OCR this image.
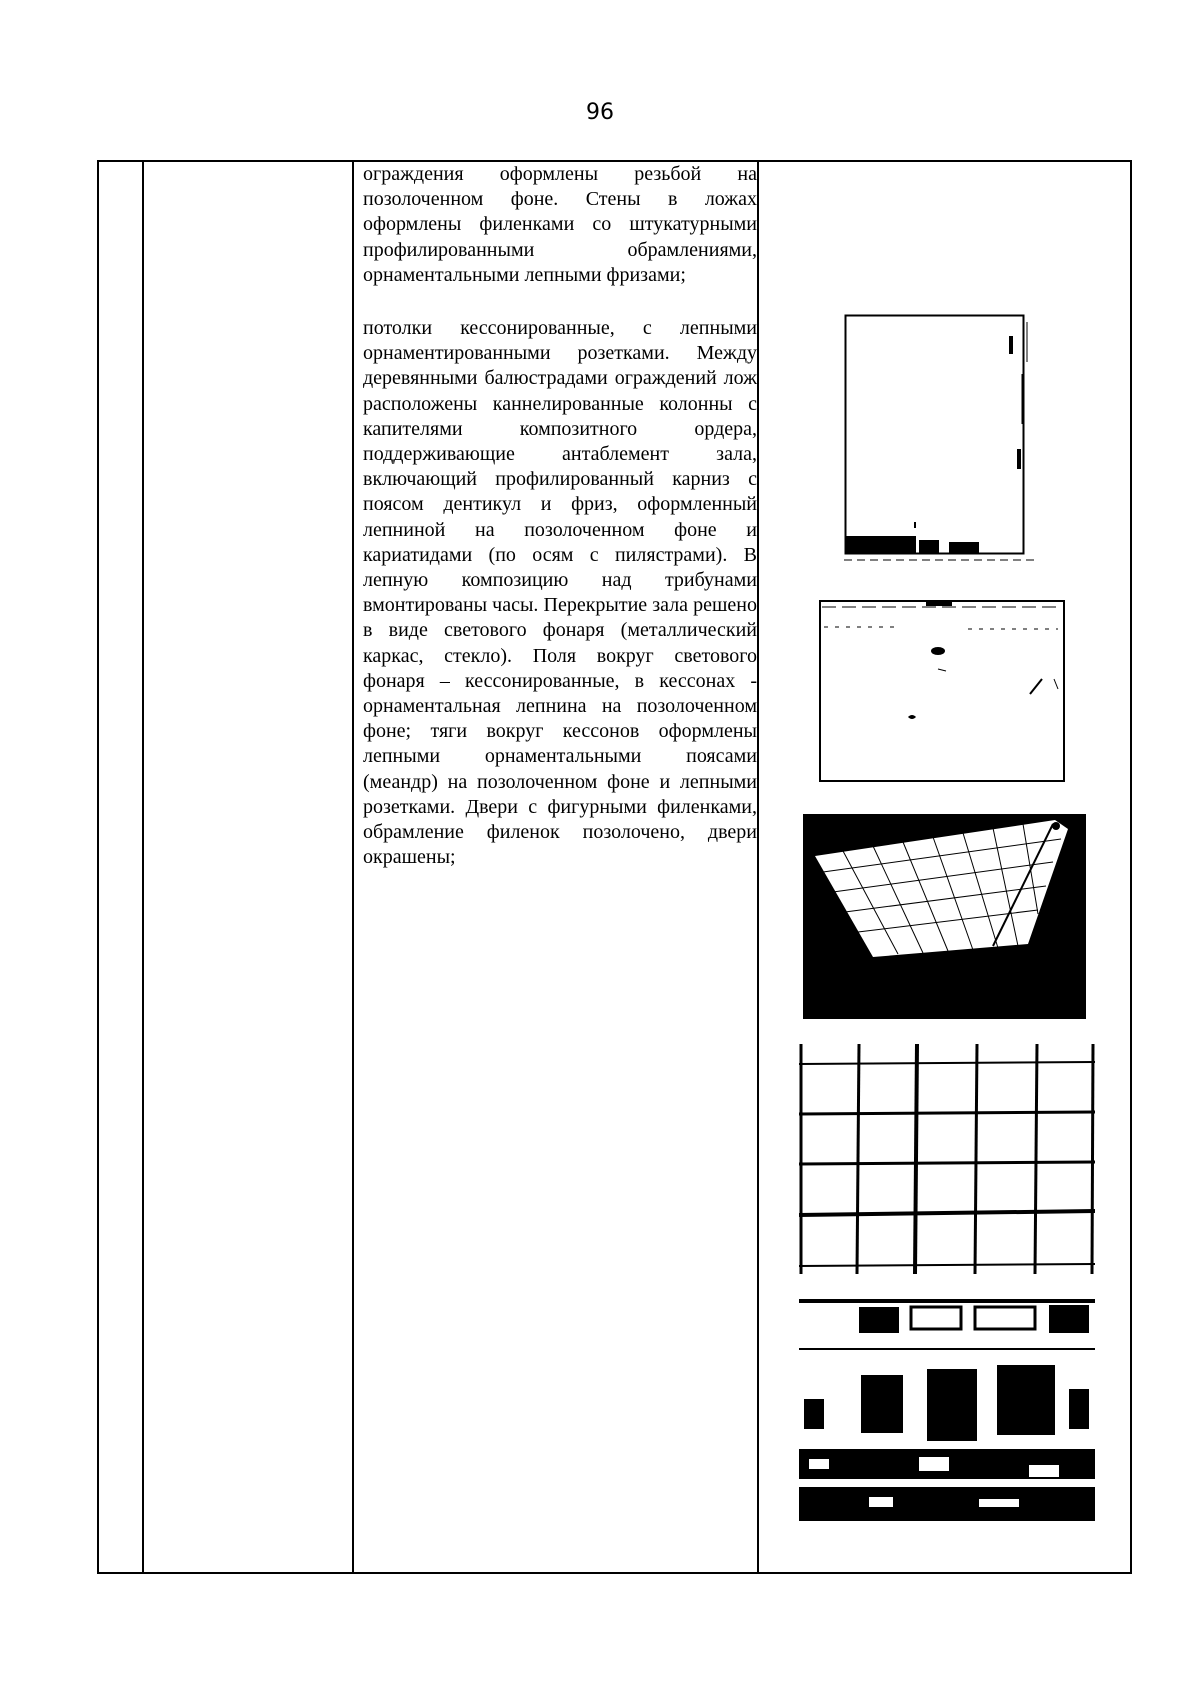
96

ограждения оформлены резьбой на позолоченном фоне. Стены в ложах оформлены филенками со штукатурными профилированными обрамлениями, орнаментальными лепными фризами;

потолки кессонированные, с лепными орнаментированными розетками. Между деревянными балюстрадами ограждений лож расположены каннелированные колонны с капителями композитного ордера, поддерживающие антаблемент зала, включающий профилированный карниз с поясом дентикул и фриз, оформленный лепниной на позолоченном фоне и кариатидами (по осям с пилястрами). В лепную композицию над трибунами вмонтированы часы. Перекрытие зала решено в виде светового фонаря (металлический каркас, стекло). Поля вокруг светового фонаря – кессонированные, в кессонах - орнаментальная лепнина на позолоченном фоне; тяги вокруг кессонов оформлены лепными орнаментальными поясами (меандр) на позолоченном фоне и лепными розетками. Двери с фигурными филенками, обрамление филенок позолочено, двери окрашены;
